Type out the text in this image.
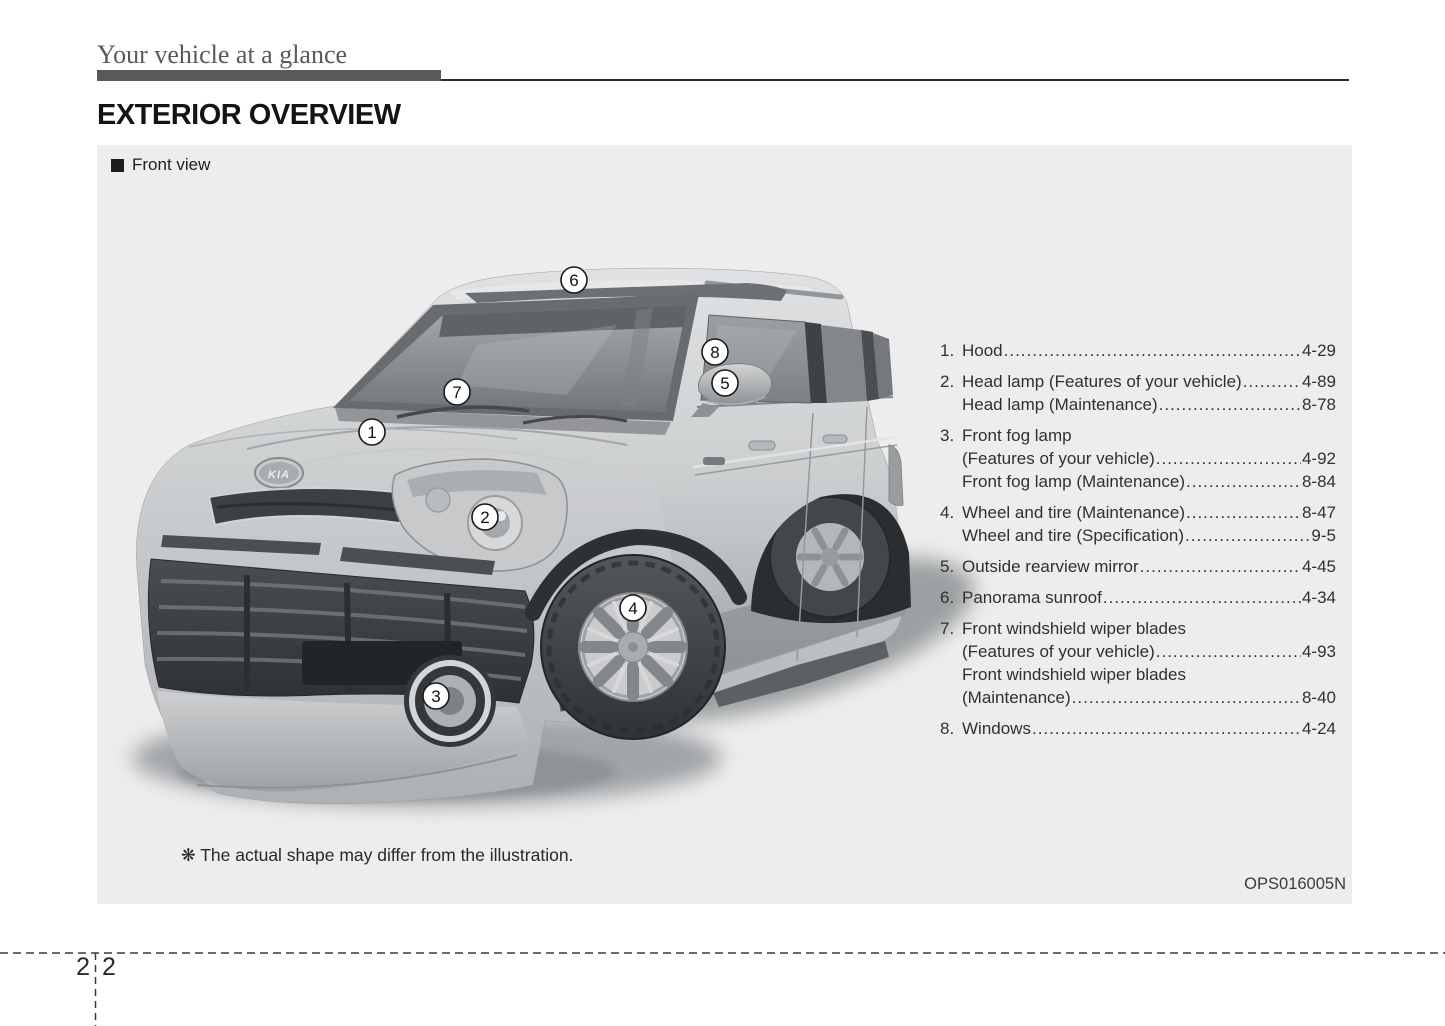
Your vehicle at a glance
EXTERIOR OVERVIEW
KIA
1
2
3
4
5
6
7
8
Front view
❋ The actual shape may differ from the illustration.
OPS016005N
1. Hood .....	4-29
2. Head lamp (Features of your vehicle) .....	4-89
Head lamp (Maintenance) .....	8-78
3. Front fog lamp
(Features of your vehicle) .....	4-92
Front fog lamp (Maintenance) .....	8-84
4. Wheel and tire (Maintenance) .....	8-47
Wheel and tire (Specification) .....	9-5
5. Outside rearview mirror .....	4-45
6. Panorama sunroof .....	4-34
7. Front windshield wiper blades
(Features of your vehicle) .....	4-93
Front windshield wiper blades
(Maintenance) .....	8-40
8. Windows .....	4-24
2 2
